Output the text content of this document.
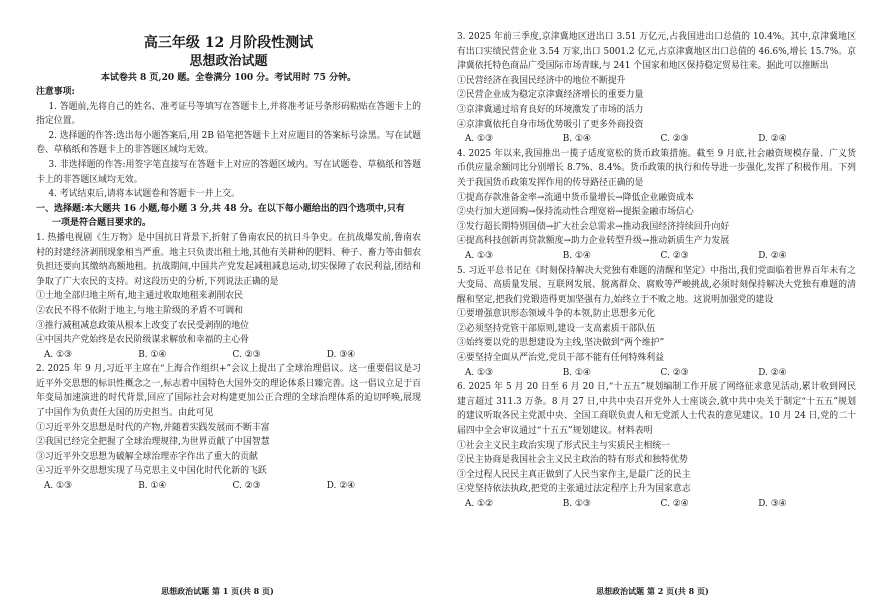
高三年级 12 月阶段性测试
思想政治试题
本试卷共 8 页,20 题。全卷满分 100 分。考试用时 75 分钟。
注意事项:
1. 答题前,先将自己的姓名、准考证号等填写在答题卡上,并将准考证号条形码粘贴在答题卡上的指定位置。
2. 选择题的作答:选出每小题答案后,用 2B 铅笔把答题卡上对应题目的答案标号涂黑。写在试题卷、草稿纸和答题卡上的非答题区域均无效。
3. 非选择题的作答:用签字笔直接写在答题卡上对应的答题区域内。写在试题卷、草稿纸和答题卡上的非答题区域均无效。
4. 考试结束后,请将本试题卷和答题卡一并上交。
一、选择题:本大题共 16 小题,每小题 3 分,共 48 分。在以下每小题给出的四个选项中,只有
一项是符合题目要求的。
1. 热播电视剧《生万物》是中国抗日背景下,折射了鲁南农民的抗日斗争史。在抗战爆发前,鲁南农村的封建经济剥削现象相当严重。地主只负责出租土地,其他有关耕种的肥料、种子、畜力等由佃农负担还要向其缴纳高额地租。抗战期间,中国共产党发起减租减息运动,切实保障了农民利益,团结和争取了广大农民的支持。对这段历史的分析,下列说法正确的是
①土地全部归地主所有,地主通过收取地租来剥削农民
②农民不得不依附于地主,与地主阶级的矛盾不可调和
③推行减租减息政策从根本上改变了农民受剥削的地位
④中国共产党始终是农民阶级谋求解放和幸福的主心骨
A. ①③	B. ①④	C. ②③	D. ③④
2. 2025 年 9 月,习近平主席在“上海合作组织+”会议上提出了全球治理倡议。这一重要倡议是习近平外交思想的标识性概念之一,标志着中国特色大国外交的理论体系日臻完善。这一倡议立足于百年变局加速演进的时代背景,回应了国际社会对构建更加公正合理的全球治理体系的迫切呼唤,展现了中国作为负责任大国的历史担当。由此可见
①习近平外交思想是时代的产物,并随着实践发展而不断丰富
②我国已经完全把握了全球治理规律,为世界贡献了中国智慧
③习近平外交思想为破解全球治理赤字作出了重大的贡献
④习近平外交思想实现了马克思主义中国化时代化新的飞跃
A. ①③	B. ①④	C. ②③	D. ②④
思想政治试题 第 1 页(共 8 页)
3. 2025 年前三季度,京津冀地区进出口 3.51 万亿元,占我国进出口总值的 10.4%。其中,京津冀地区有出口实绩民营企业 3.54 万家,出口 5001.2 亿元,占京津冀地区出口总值的 46.6%,增长 15.7%。京津冀依托特色商品广受国际市场青睐,与 241 个国家和地区保持稳定贸易往来。据此可以推断出
①民营经济在我国民经济中的地位不断提升
②民营企业成为稳定京津冀经济增长的重要力量
③京津冀通过培育良好的环境激发了市场的活力
④京津冀依托自身市场优势吸引了更多外商投资
A. ①③	B. ①④	C. ②③	D. ②④
4. 2025 年以来,我国推出一揽子适度宽松的货币政策措施。截至 9 月底,社会融资规模存量、广义货币供应量余额同比分别增长 8.7%、8.4%。货币政策的执行和传导进一步强化,发挥了积极作用。下列关于我国货币政策发挥作用的传导路径正确的是
①提高存款准备金率→流通中货币量增长→降低企业融资成本
②央行加大逆回购→保持流动性合理宽裕→提振金融市场信心
③发行超长期特别国债→扩大社会总需求→推动我国经济持续回升向好
④提高科技创新再贷款额度→助力企业转型升级→推动新质生产力发展
A. ①③	B. ①④	C. ②③	D. ②④
5. 习近平总书记在《时刻保持解决大党独有难题的清醒和坚定》中指出,我们党面临着世界百年未有之大变局、高质量发展、互联网发展、脱离群众、腐败等严峻挑战,必须时刻保持解决大党独有难题的清醒和坚定,把我们党锻造得更加坚强有力,始终立于不败之地。这说明加强党的建设
①要增强意识形态领域斗争的本领,防止思想多元化
②必须坚持党管干部原则,建设一支高素质干部队伍
③始终要以党的思想建设为主线,坚决做到“两个维护”
④要坚持全面从严治党,党员干部不能有任何特殊利益
A. ①③	B. ①④	C. ②③	D. ②④
6. 2025 年 5 月 20 日至 6 月 20 日,“十五五”规划编制工作开展了网络征求意见活动,累计收到网民建言超过 311.3 万条。8 月 27 日,中共中央召开党外人士座谈会,就中共中央关于制定“十五五”规划的建议听取各民主党派中央、全国工商联负责人和无党派人士代表的意见建议。10 月 24 日,党的二十届四中全会审议通过“十五五”规划建议。材料表明
①社会主义民主政治实现了形式民主与实质民主相统一
②民主协商是我国社会主义民主政治的特有形式和独特优势
③全过程人民民主真正做到了人民当家作主,是最广泛的民主
④党坚持依法执政,把党的主张通过法定程序上升为国家意志
A. ①②	B. ①③	C. ②④	D. ③④
思想政治试题 第 2 页(共 8 页)
